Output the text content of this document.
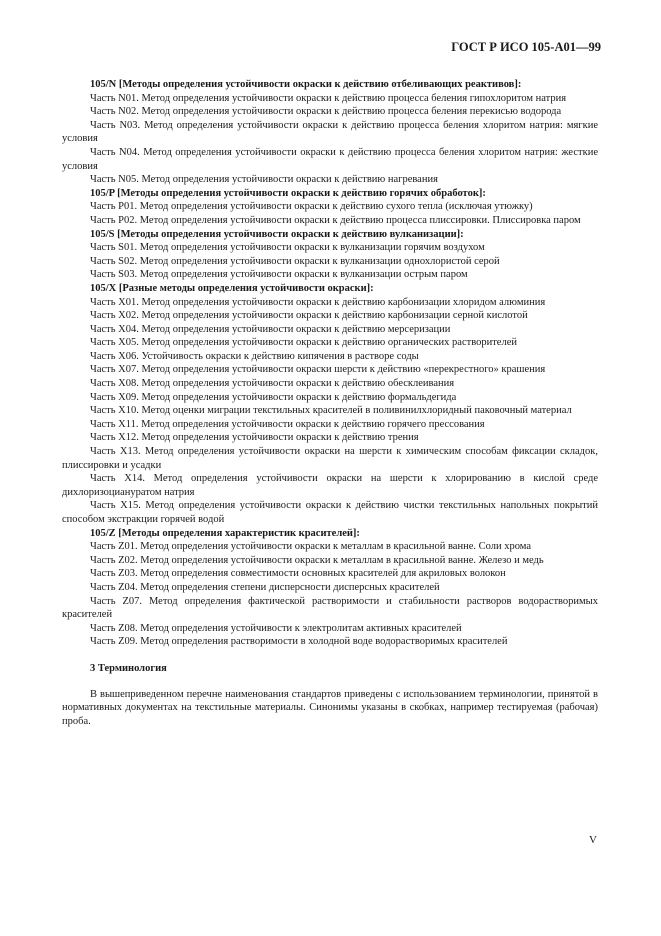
ГОСТ Р ИСО 105-А01—99

105/N [Методы определения устойчивости окраски к действию отбеливающих реактивов]:

Часть N01. Метод определения устойчивости окраски к действию процесса беления гипохлоритом натрия

Часть N02. Метод определения устойчивости окраски к действию процесса беления перекисью водорода

Часть N03. Метод определения устойчивости окраски к действию процесса беления хлоритом натрия: мягкие условия

Часть N04. Метод определения устойчивости окраски к действию процесса беления хлоритом натрия: жесткие условия

Часть N05. Метод определения устойчивости окраски к действию нагревания

105/P [Методы определения устойчивости окраски к действию горячих обработок]:

Часть P01. Метод определения устойчивости окраски к действию сухого тепла (исключая утюжку)

Часть P02. Метод определения устойчивости окраски к действию процесса плиссировки. Плиссировка паром

105/S [Методы определения устойчивости окраски к действию вулканизации]:

Часть S01. Метод определения устойчивости окраски к вулканизации горячим воздухом

Часть S02. Метод определения устойчивости окраски к вулканизации однохлористой серой

Часть S03. Метод определения устойчивости окраски к вулканизации острым паром

105/X [Разные методы определения устойчивости окраски]:

Часть X01. Метод определения устойчивости окраски к действию карбонизации хлоридом алюминия

Часть X02. Метод определения устойчивости окраски к действию карбонизации серной кислотой

Часть X04. Метод определения устойчивости окраски к действию мерсеризации

Часть X05. Метод определения устойчивости окраски к действию органических растворителей

Часть X06. Устойчивость окраски к действию кипячения в растворе соды

Часть X07. Метод определения устойчивости окраски шерсти к действию «перекрестного» крашения

Часть X08. Метод определения устойчивости окраски к действию обесклеивания

Часть X09. Метод определения устойчивости окраски к действию формальдегида

Часть X10. Метод оценки миграции текстильных красителей в поливинилхлоридный паковочный материал

Часть X11. Метод определения устойчивости окраски к действию горячего прессования

Часть X12. Метод определения устойчивости окраски к действию трения

Часть X13. Метод определения устойчивости окраски на шерсти к химическим способам фиксации складок, плиссировки и усадки

Часть X14. Метод определения устойчивости окраски на шерсти к хлорированию в кислой среде дихлоризоциануратом натрия

Часть X15. Метод определения устойчивости окраски к действию чистки текстильных напольных покрытий способом экстракции горячей водой

105/Z [Методы определения характеристик красителей]:

Часть Z01. Метод определения устойчивости окраски к металлам в красильной ванне. Соли хрома

Часть Z02. Метод определения устойчивости окраски к металлам в красильной ванне. Железо и медь

Часть Z03. Метод определения совместимости основных красителей для акриловых волокон

Часть Z04. Метод определения степени дисперсности дисперсных красителей

Часть Z07. Метод определения фактической растворимости и стабильности растворов водорастворимых красителей

Часть Z08. Метод определения устойчивости к электролитам активных красителей

Часть Z09. Метод определения растворимости в холодной воде водорастворимых красителей

3 Терминология

В вышеприведенном перечне наименования стандартов приведены с использованием терминологии, принятой в нормативных документах на текстильные материалы. Синонимы указаны в скобках, например тестируемая (рабочая) проба.

V
